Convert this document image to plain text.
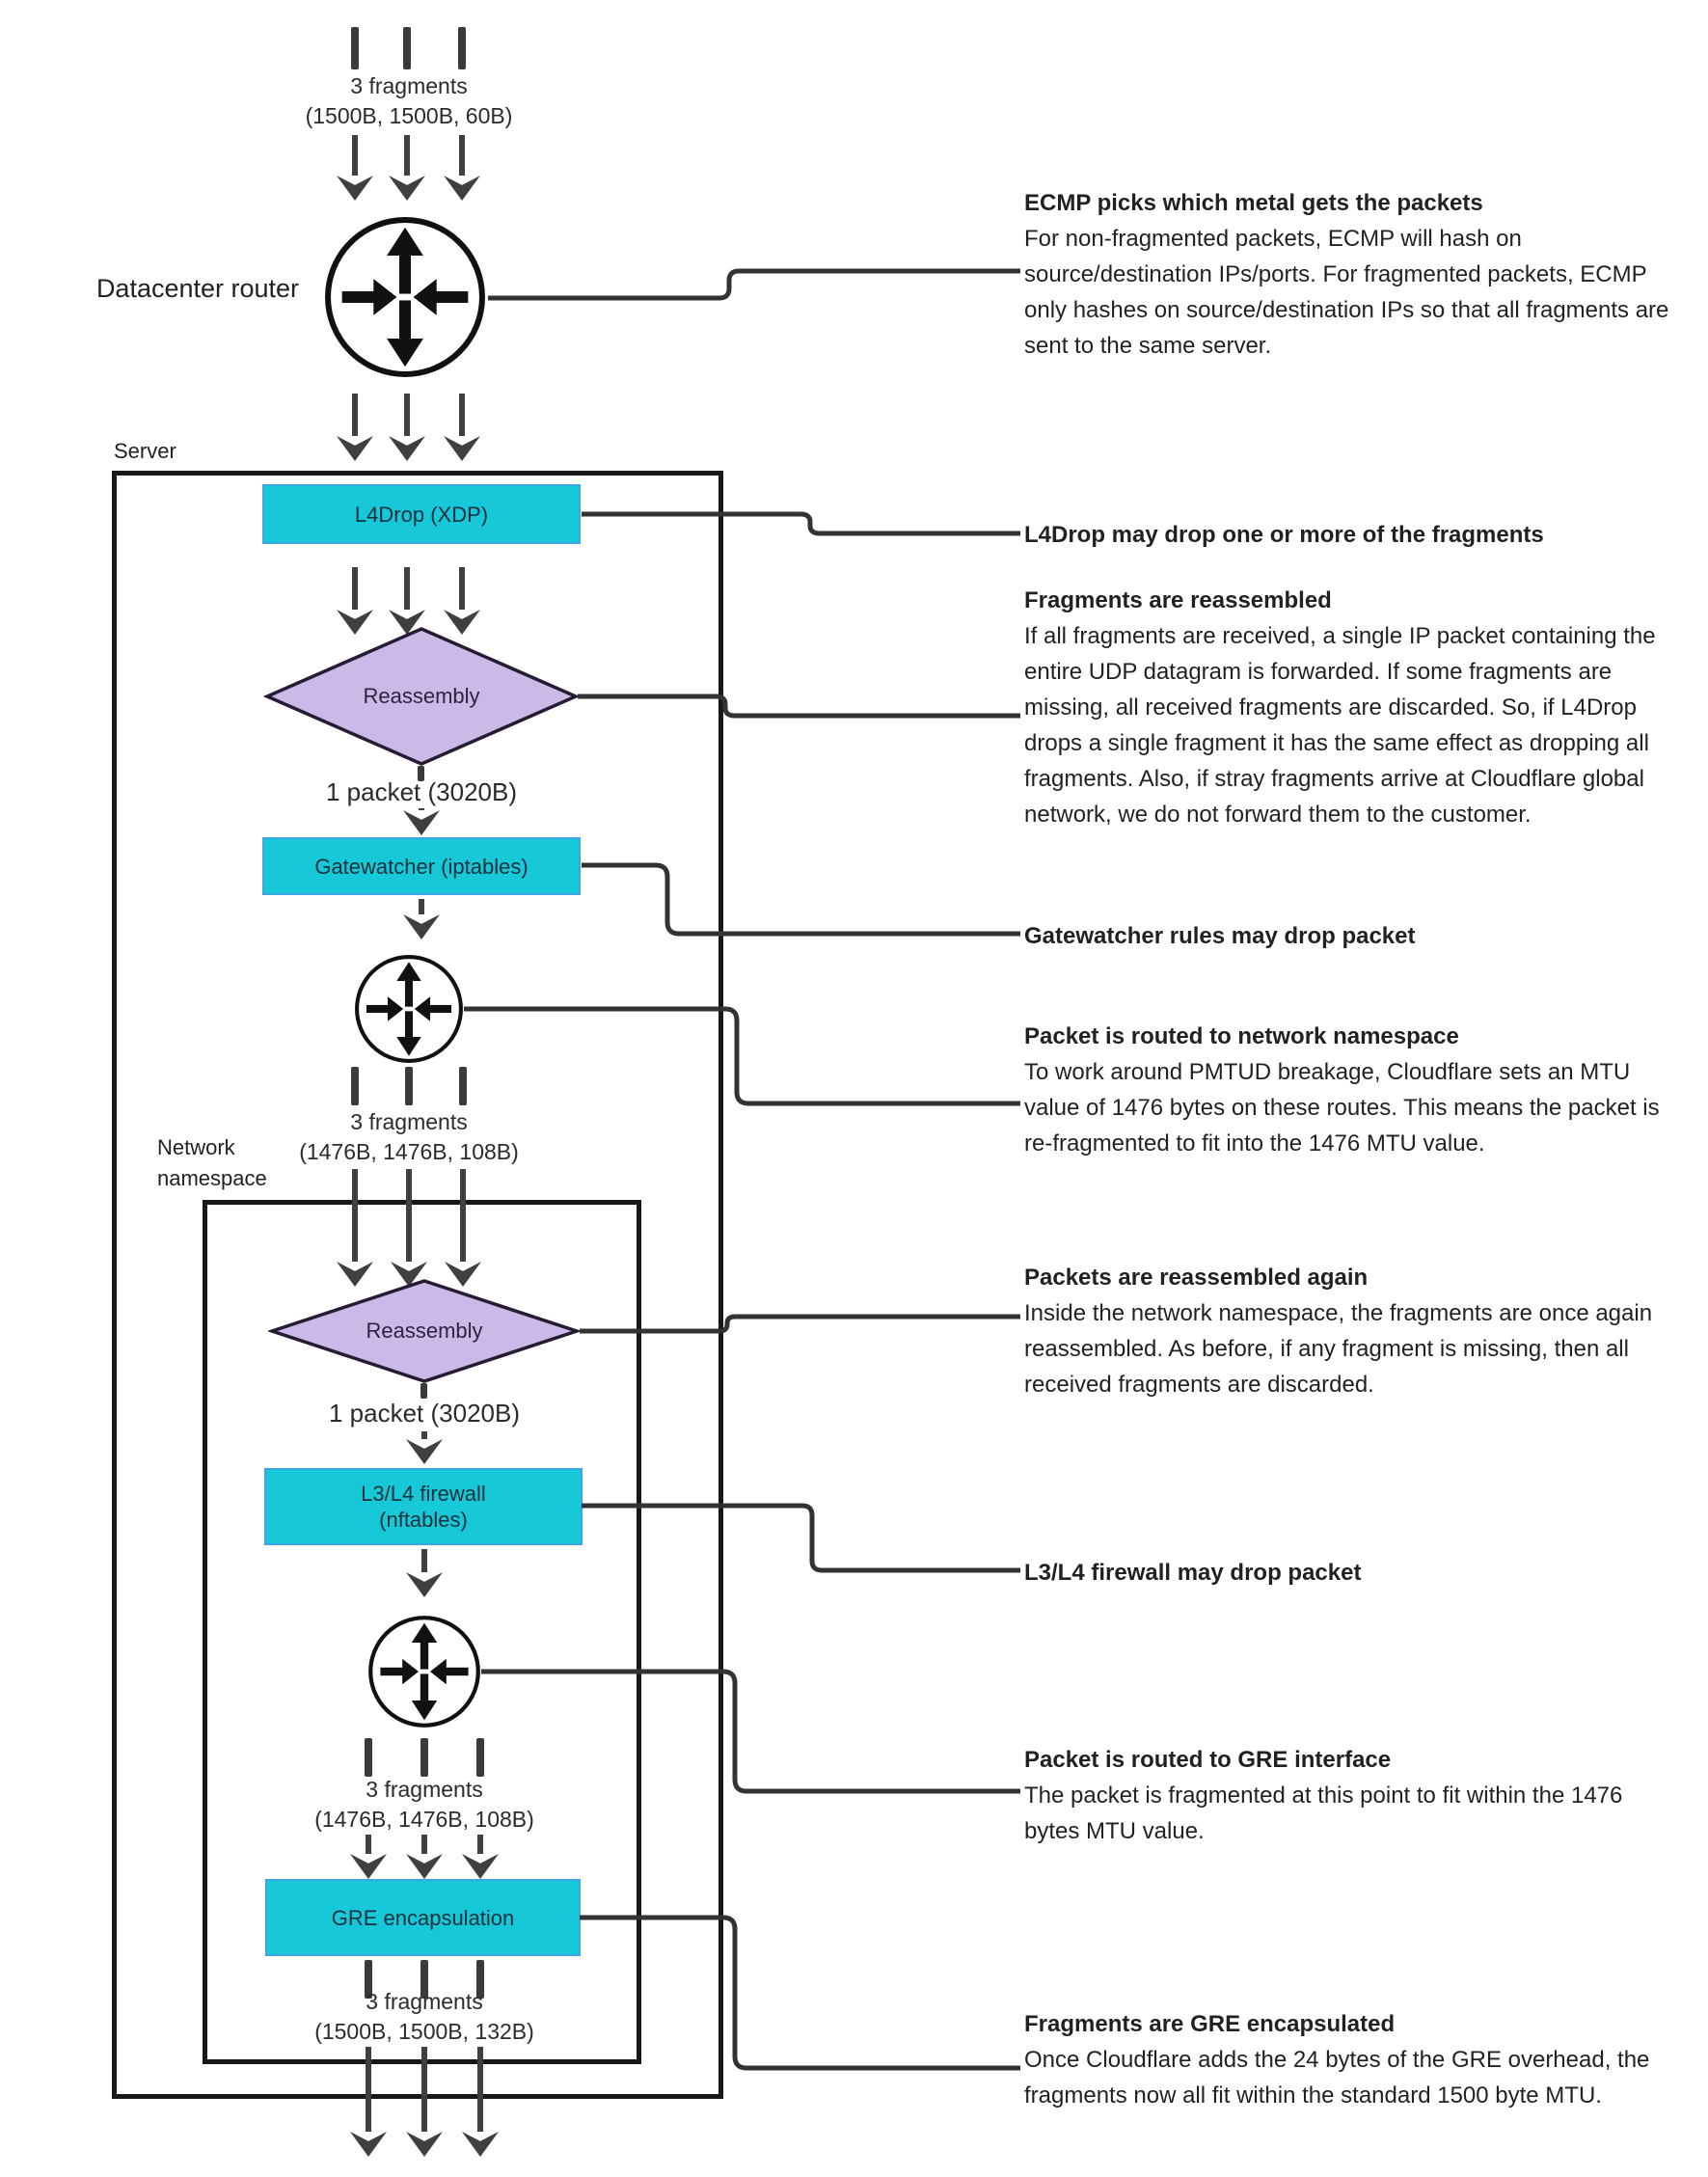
3 fragments
(1500B, 1500B, 60B)
Datacenter router
Server
L4Drop (XDP)
Reassembly
1 packet (3020B)
Gatewatcher (iptables)
3 fragments
(1476B, 1476B, 108B)
Network namespace
Reassembly
1 packet (3020B)
L3/L4 firewall (nftables)
3 fragments
(1476B, 1476B, 108B)
GRE encapsulation
3 fragments
(1500B, 1500B, 132B)
ECMP picks which metal gets the packets
For non-fragmented packets, ECMP will hash on source/destination IPs/ports. For fragmented packets, ECMP only hashes on source/destination IPs so that all fragments are sent to the same server.
L4Drop may drop one or more of the fragments
Fragments are reassembled
If all fragments are received, a single IP packet containing the entire UDP datagram is forwarded. If some fragments are missing, all received fragments are discarded. So, if L4Drop drops a single fragment it has the same effect as dropping all fragments. Also, if stray fragments arrive at Cloudflare global network, we do not forward them to the customer.
Gatewatcher rules may drop packet
Packet is routed to network namespace
To work around PMTUD breakage, Cloudflare sets an MTU value of 1476 bytes on these routes. This means the packet is re-fragmented to fit into the 1476 MTU value.
Packets are reassembled again
Inside the network namespace, the fragments are once again reassembled. As before, if any fragment is missing, then all received fragments are discarded.
L3/L4 firewall may drop packet
Packet is routed to GRE interface
The packet is fragmented at this point to fit within the 1476 bytes MTU value.
Fragments are GRE encapsulated
Once Cloudflare adds the 24 bytes of the GRE overhead, the fragments now all fit within the standard 1500 byte MTU.
